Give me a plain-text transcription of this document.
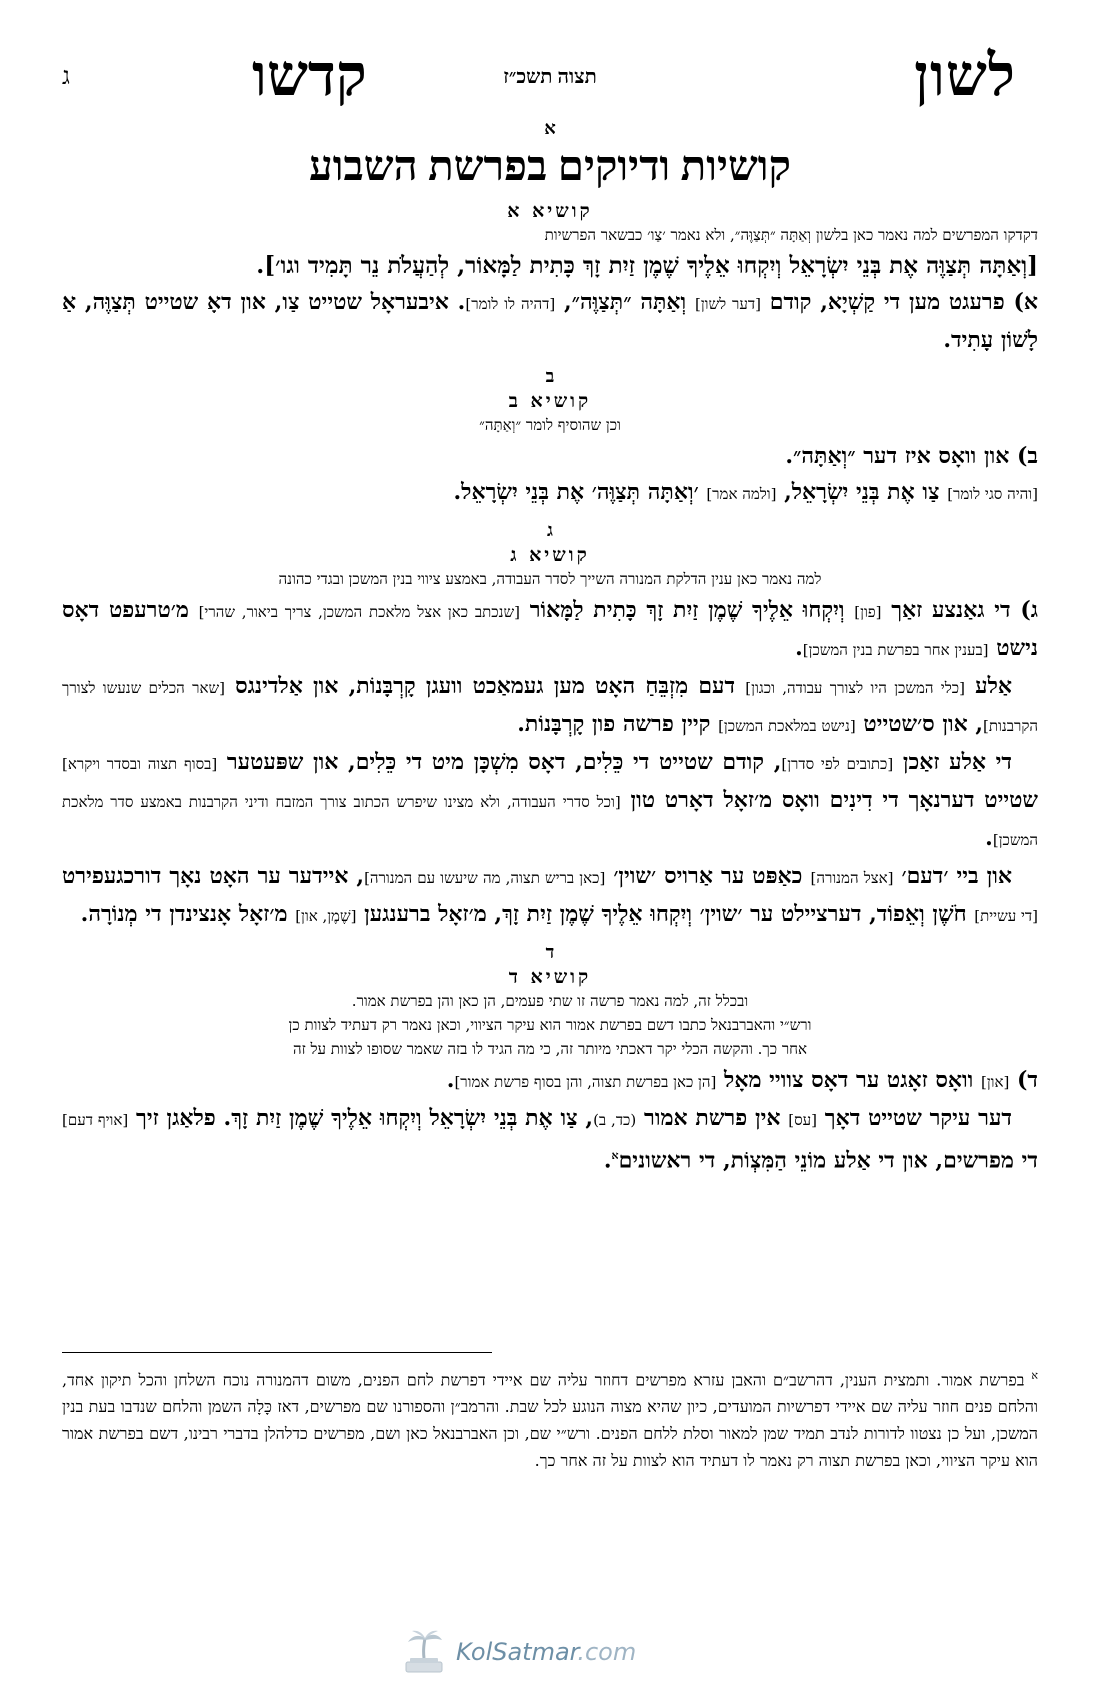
לשון
תצוה תשכ״ז
קדשו
ג

א

קושיות ודיוקים בפרשת השבוע

קושיא א

דקדקו המפרשים למה נאמר כאן בלשון וְאַתָּה ״תְּצַוֶּה״, ולא נאמר ׳צַו׳ כבשאר הפרשיות

[וְאַתָּה תְּצַוֶּה אֶת בְּנֵי יִשְׂרָאֵל וְיִקְחוּ אֵלֶיךָ שֶׁמֶן זַיִת זָךְ כָּתִית לַמָּאוֹר, לְהַעֲלֹת נֵר תָּמִיד וגו׳].

א) פרעגט מען די קַשְׁיָא, קודם [דער לשון] וְאַתָּה ״תְּצַוֶּה״, [דהיה לו לומר]. איבעראָל שטייט צַו, און דאָ שטייט תְּצַוֶּה, אַ לָשׁוֹן עָתִיד.

ב

קושיא ב

וכן שהוסיף לומר ״וְאַתָּה״

ב) און וואָס איז דער ״וְאַתָּה״.

[והיה סגי לומר] צַו אֶת בְּנֵי יִשְׂרָאֵל, [ולמה אמר] ׳וְאַתָּה תְּצַוֶּה׳ אֶת בְּנֵי יִשְׂרָאֵל.

ג

קושיא ג

למה נאמר כאן ענין הדלקת המנורה השייך לסדר העבודה, באמצע ציווי בנין המשכן ובגדי כהונה

ג) די גאַנצע זאַך [פון] וְיִקְחוּ אֵלֶיךָ שֶׁמֶן זַיִת זָךְ כָּתִית לַמָּאוֹר [שנכתב כאן אצל מלאכת המשכן, צריך ביאור, שהרי] מ׳טרעפט דאָס נישט [בענין אחר בפרשת בנין המשכן].

אַלע [כלי המשכן היו לצורך עבודה, וכגון] דעם מִזְבֵּחַ האָט מען געמאַכט וועגן קָרְבָּנוֹת, און אַלדינגס [שאר הכלים שנעשו לצורך הקרבנות], און ס׳שטייט [נישט במלאכת המשכן] קיין פרשה פון קָרְבָּנוֹת.

די אַלע זאַכן [כתובים לפי סדרן], קודם שטייט די כֵּלִים, דאָס מִשְׁכָּן מיט די כֵּלִים, און שפּעטער [בסוף תצוה ובסדר ויקרא] שטייט דערנאָך די דִינִים וואָס מ׳זאָל דאָרט טון [וכל סדרי העבודה, ולא מצינו שיפרש הכתוב צורך המזבח ודיני הקרבנות באמצע סדר מלאכת המשכן].

און ביי ׳דעם׳ [אצל המנורה] כאַפּט ער אַרויס ׳שוין׳ [כאן בריש תצוה, מה שיעשו עם המנורה], איידער ער האָט נאָך דורכגעפירט [די עשיית] חֹשֶׁן וְאֵפוֹד, דערציילט ער ׳שוין׳ וְיִקְחוּ אֵלֶיךָ שֶׁמֶן זַיִת זָךְ, מ׳זאָל ברענגען [שֶׁמֶן, און] מ׳זאָל אָנצינדן די מְנוֹרָה.

ד

קושיא ד

ובכלל זה, למה נאמר פרשה זו שתי פעמים, הן כאן והן בפרשת אמור.

ורש״י והאברבנאל כתבו דשם בפרשת אמור הוא עיקר הציווי, וכאן נאמר רק דעתיד לצוות כן

אחר כך. והקשה הכלי יקר דאכתי מיותר זה, כי מה הגיד לו בזה שאמר שסופו לצוות על זה

ד) [און] וואָס זאָגט ער דאָס צוויי מאָל [הן כאן בפרשת תצוה, והן בסוף פרשת אמור].

דער עיקר שטייט דאָך [עס] אין פרשת אמור (כד, ב), צַו אֶת בְּנֵי יִשְׂרָאֵל וְיִקְחוּ אֵלֶיךָ שֶׁמֶן זַיִת זָךְ. פלאַגן זיך [אויף דעם] די מפרשים, און די אַלע מוֹנֵי הַמִּצְוֹת, די ראשונים$^א$.

$^א$ בפרשת אמור. ותמצית הענין, דהרשב״ם והאבן עזרא מפרשים דחוזר עליה שם איידי דפרשת לחם הפנים, משום דהמנורה נוכח השלחן והכל תיקון אחד, והלחם פנים חוזר עליה שם איידי דפרשיות המועדים, כיון שהיא מצוה הנוגע לכל שבת. והרמב״ן והספורנו שם מפרשים, דאז כָּלָה השמן והלחם שנדבו בעת בנין המשכן, ועל כן נצטוו לדורות לנדב תמיד שמן למאור וסלת ללחם הפנים. ורש״י שם, וכן האברבנאל כאן ושם, מפרשים כדלהלן בדברי רבינו, דשם בפרשת אמור הוא עיקר הציווי, וכאן בפרשת תצוה רק נאמר לו דעתיד הוא לצוות על זה אחר כך.
KolSatmar.com
